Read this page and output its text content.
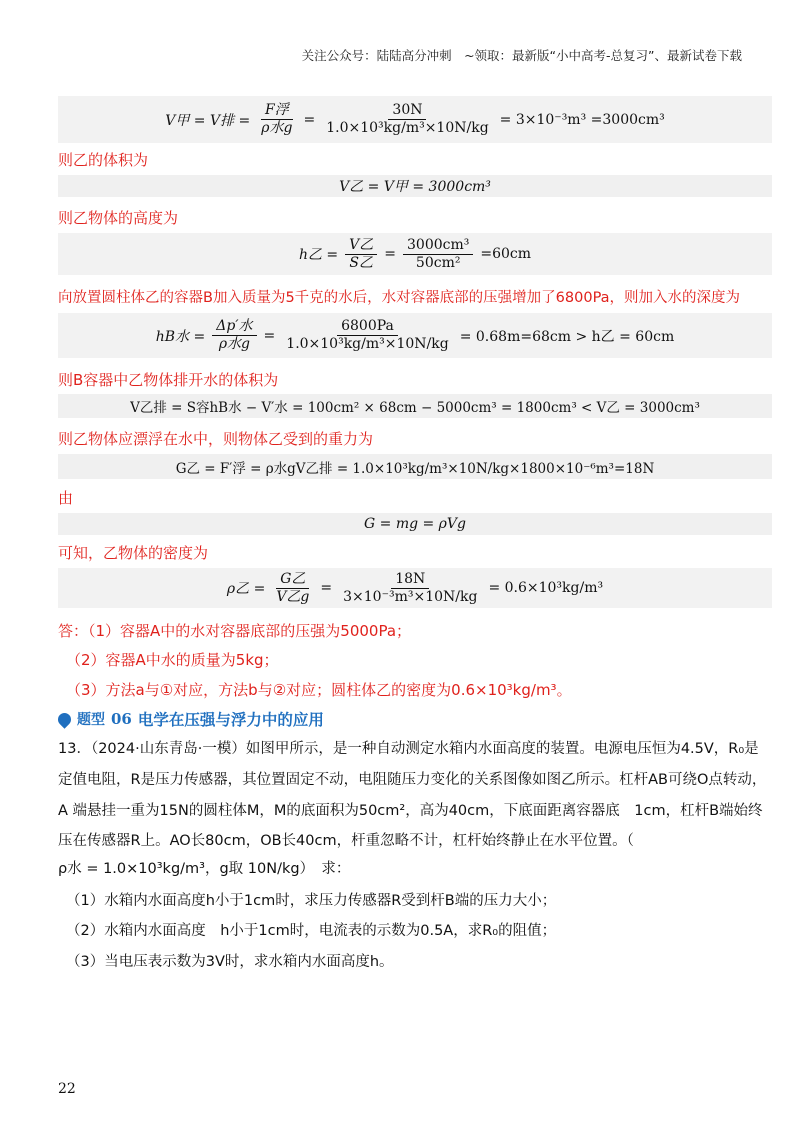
关注公众号：陆陆高分冲刺　~领取：最新版“小中高考-总复习”、最新试卷下载
V甲 = V排 = $\frac{\text{F浮}}{\text{ρ水g}} = \frac{30N}{\text{1.0×10³kg/m³×10N/kg}} = 3\times 10^{-3}m^3 =3000cm^3$
则乙的体积为
V乙 = V甲 = 3000cm³
则乙物体的高度为
h乙 = $\frac{\text{V乙}}{\text{S乙}} = \frac{\text{3000cm³}}{\text{50cm²}} =60cm$
向放置圆柱体乙的容器B加入质量为5千克的水后，水对容器底部的压强增加了6800Pa，则加入水的深度为
hB水 = $\frac{\text{Δp′水}}{\text{ρ水g}} = \frac{6800Pa}{\text{1.0×10³kg/m³×10N/kg}} = 0.68m=68cm > h$乙 = 60cm
则B容器中乙物体排开水的体积为
V乙排 = S容hB水 − V′水 = 100cm² × 68cm − 5000cm³ = 1800cm³ < V乙 = 3000cm³
则乙物体应漂浮在水中，则物体乙受到的重力为
G乙 = F′浮 = ρ水gV乙排 = 1.0×10³kg/m³×10N/kg×1800×10⁻⁶m³=18N
由
G = mg = ρVg
可知，乙物体的密度为
ρ乙 = $\frac{\text{G乙}}{\text{V乙g}} = \frac{18N}{\text{3×10⁻³m³×10N/kg}} = 0.6\times 10^3kg/m^3$
答：（1）容器A中的水对容器底部的压强为5000Pa；
（2）容器A中水的质量为5kg；
（3）方法a与①对应，方法b与②对应；圆柱体乙的密度为0.6×10³kg/m³。
题型 06 电学在压强与浮力中的应用
13．（2024·山东青岛·一模）如图甲所示，是一种自动测定水箱内水面高度的装置。电源电压恒为4.5V，R₀是
定值电阻，R是压力传感器，其位置固定不动，电阻随压力变化的关系图像如图乙所示。杠杆AB可绕O点转动，
A 端悬挂一重为15N的圆柱体M，M的底面积为50cm²，高为40cm，下底面距离容器底　1cm，杠杆B端始终
压在传感器R上。AO长80cm，OB长40cm，杆重忽略不计，杠杆始终静止在水平位置。（
ρ水 = 1.0×10³kg/m³，g取 10N/kg）　求：
（1）水箱内水面高度h小于1cm时，求压力传感器R受到杆B端的压力大小；
（2）水箱内水面高度　h小于1cm时，电流表的示数为0.5A，求R₀的阻值；
（3）当电压表示数为3V时，求水箱内水面高度h。
22
